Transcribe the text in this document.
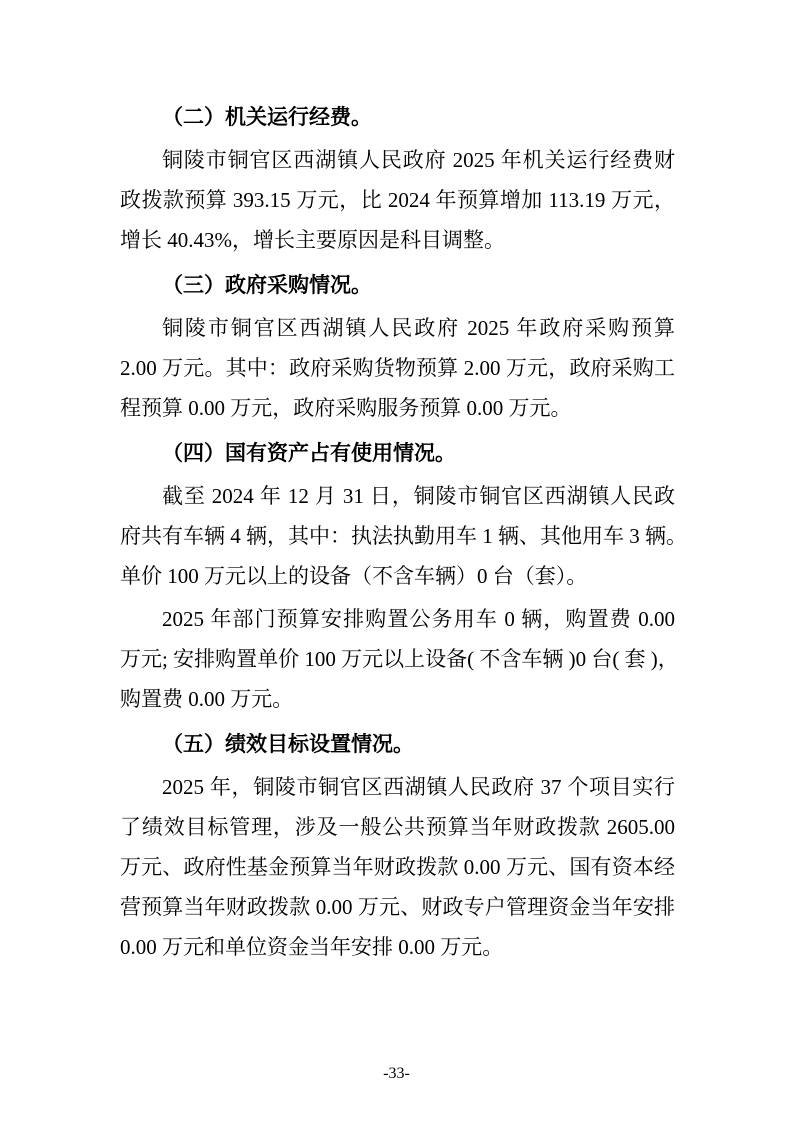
（二）机关运行经费。
铜陵市铜官区西湖镇人民政府 2025 年机关运行经费财
政拨款预算 393.15 万元，比 2024 年预算增加 113.19 万元，
增长 40.43%，增长主要原因是科目调整。
（三）政府采购情况。
铜陵市铜官区西湖镇人民政府 2025 年政府采购预算
2.00 万元。其中：政府采购货物预算 2.00 万元，政府采购工
程预算 0.00 万元，政府采购服务预算 0.00 万元。
（四）国有资产占有使用情况。
截至 2024 年 12 月 31 日，铜陵市铜官区西湖镇人民政
府共有车辆 4 辆，其中：执法执勤用车 1 辆、其他用车 3 辆。
单价 100 万元以上的设备（不含车辆）0 台（套）。
2025 年部门预算安排购置公务用车 0 辆，购置费 0.00
万元; 安排购置单价 100 万元以上设备( 不含车辆 )0 台( 套 )，
购置费 0.00 万元。
（五）绩效目标设置情况。
2025 年，铜陵市铜官区西湖镇人民政府 37 个项目实行
了绩效目标管理，涉及一般公共预算当年财政拨款 2605.00
万元、政府性基金预算当年财政拨款 0.00 万元、国有资本经
营预算当年财政拨款 0.00 万元、财政专户管理资金当年安排
0.00 万元和单位资金当年安排 0.00 万元。
-33-
